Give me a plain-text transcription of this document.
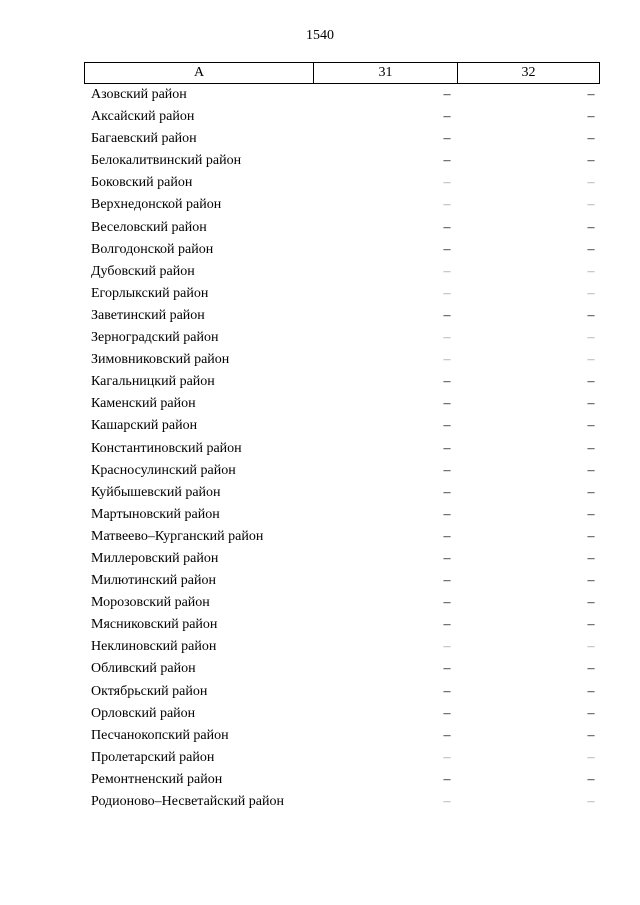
1540
А	31	32
Азовский район	–	–
Аксайский район	–	–
Багаевский район	–	–
Белокалитвинский район	–	–
Боковский район	–	–
Верхнедонской район	–	–
Веселовский район	–	–
Волгодонской район	–	–
Дубовский район	–	–
Егорлыкский район	–	–
Заветинский район	–	–
Зерноградский район	–	–
Зимовниковский район	–	–
Кагальницкий район	–	–
Каменский район	–	–
Кашарский район	–	–
Константиновский район	–	–
Красносулинский район	–	–
Куйбышевский район	–	–
Мартыновский район	–	–
Матвеево–Курганский район	–	–
Миллеровский район	–	–
Милютинский район	–	–
Морозовский район	–	–
Мясниковский район	–	–
Неклиновский район	–	–
Обливский район	–	–
Октябрьский район	–	–
Орловский район	–	–
Песчанокопский район	–	–
Пролетарский район	–	–
Ремонтненский район	–	–
Родионово–Несветайский район	–	–
